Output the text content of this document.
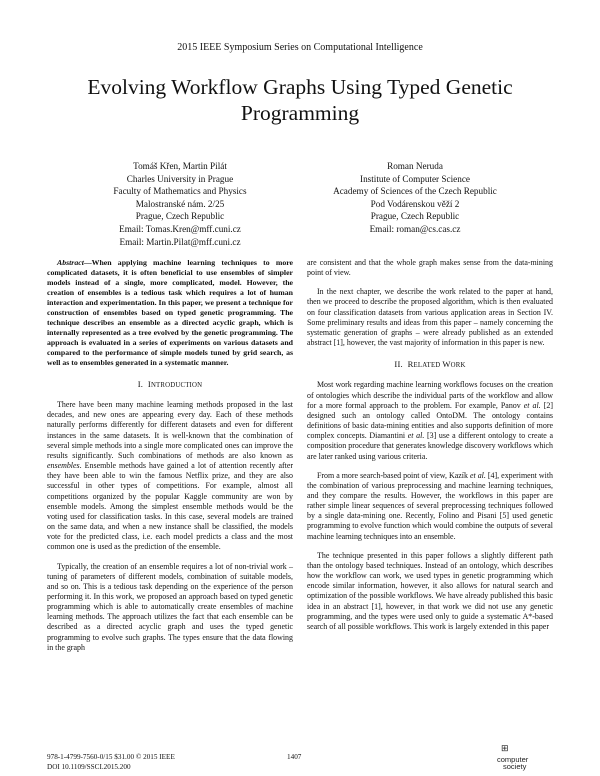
2015 IEEE Symposium Series on Computational Intelligence
Evolving Workflow Graphs Using Typed Genetic
Programming
Tomáš Křen, Martin Pilát
Charles University in Prague
Faculty of Mathematics and Physics
Malostranské nám. 2/25
Prague, Czech Republic
Email: Tomas.Kren@mff.cuni.cz
Email: Martin.Pilat@mff.cuni.cz
Roman Neruda
Institute of Computer Science
Academy of Sciences of the Czech Republic
Pod Vodárenskou věží 2
Prague, Czech Republic
Email: roman@cs.cas.cz

Abstract—When applying machine learning techniques to more complicated datasets, it is often beneficial to use ensembles of simpler models instead of a single, more complicated, model. However, the creation of ensembles is a tedious task which requires a lot of human interaction and experimentation. In this paper, we present a technique for construction of ensembles based on typed genetic programming. The technique describes an ensemble as a directed acyclic graph, which is internally represented as a tree evolved by the genetic programming. The approach is evaluated in a series of experiments on various datasets and compared to the performance of simple models tuned by grid search, as well as to ensembles generated in a systematic manner.

I. INTRODUCTION

There have been many machine learning methods proposed in the last decades, and new ones are appearing every day. Each of these methods naturally performs differently for different datasets and even for different instances in the same datasets. It is well-known that the combination of several simple methods into a single more complicated ones can improve the results significantly. Such combinations of methods are also known as ensembles. Ensemble methods have gained a lot of attention recently after they have been able to win the famous Netflix prize, and they are also successful in other types of competitions. For example, almost all competitions organized by the popular Kaggle community are won by ensemble models. Among the simplest ensemble methods would be the voting used for classification tasks. In this case, several models are trained on the same data, and when a new instance shall be classified, the models vote for the predicted class, i.e. each model predicts a class and the most common one is used as the prediction of the ensemble.

Typically, the creation of an ensemble requires a lot of non-trivial work – tuning of parameters of different models, combination of suitable models, and so on. This is a tedious task depending on the experience of the person performing it. In this work, we proposed an approach based on typed genetic programming which is able to automatically create ensembles of machine learning methods. The approach utilizes the fact that each ensemble can be described as a directed acyclic graph and uses the typed genetic programming to evolve such graphs. The types ensure that the data flowing in the graph

are consistent and that the whole graph makes sense from the data-mining point of view.

In the next chapter, we describe the work related to the paper at hand, then we proceed to describe the proposed algorithm, which is then evaluated on four classification datasets from various application areas in Section IV. Some preliminary results and ideas from this paper – namely concerning the systematic generation of graphs – were already published as an extended abstract [1], however, the vast majority of information in this paper is new.

II. RELATED WORK

Most work regarding machine learning workflows focuses on the creation of ontologies which describe the individual parts of the workflow and allow for a more formal approach to the problem. For example, Panov et al. [2] designed such an ontology called OntoDM. The ontology contains definitions of basic data-mining entities and also supports definition of more complex concepts. Diamantini et al. [3] use a different ontology to create a composition procedure that generates knowledge discovery workflows which are later ranked using various criteria.

From a more search-based point of view, Kazík et al. [4], experiment with the combination of various preprocessing and machine learning techniques, and they compare the results. However, the workflows in this paper are rather simple linear sequences of several preprocessing techniques followed by a single data-mining one. Recently, Folino and Pisani [5] used genetic programming to evolve function which would combine the outputs of several machine learning techniques into an ensemble.

The technique presented in this paper follows a slightly different path than the ontology based techniques. Instead of an ontology, which describes how the workflow can work, we used types in genetic programming which encode similar information, however, it also allows for natural search and optimization of the possible workflows. We have already published this basic idea in an abstract [1], however, in that work we did not use any genetic programming, and the types were used only to guide a systematic A*-based search of all possible workflows. This work is largely extended in this paper

978-1-4799-7560-0/15 $31.00 © 2015 IEEE
DOI 10.1109/SSCI.2015.200
1407
⊞
computer
society
